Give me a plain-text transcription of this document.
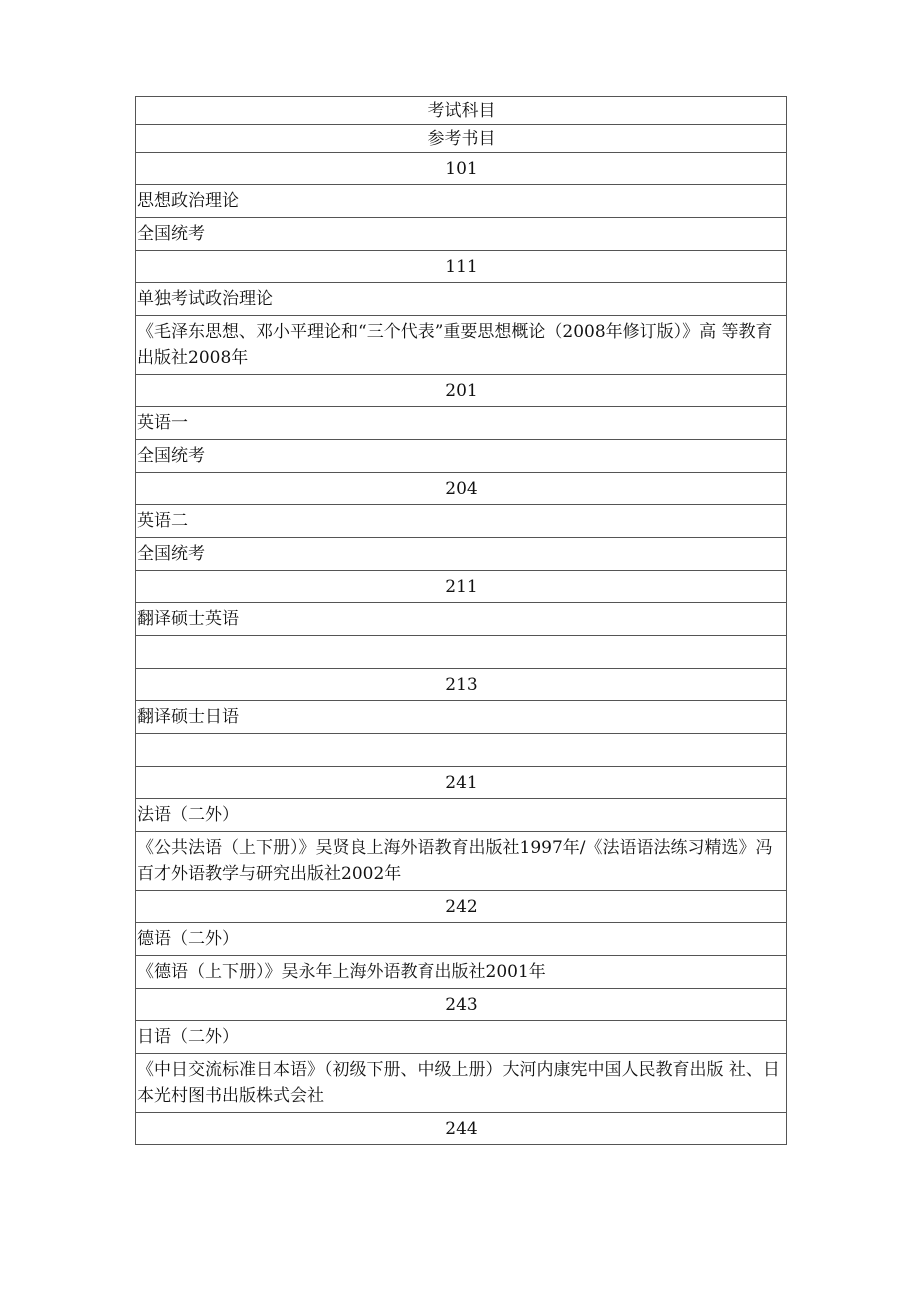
考试科目
参考书目
101
思想政治理论
全国统考
111
单独考试政治理论
《毛泽东思想、邓小平理论和“三个代表”重要思想概论（2008年修订版）》高 等教育出版社2008年
201
英语一
全国统考
204
英语二
全国统考
211
翻译硕士英语

213
翻译硕士日语

241
法语（二外）
《公共法语（上下册）》吴贤良上海外语教育出版社1997年/《法语语法练习精选》冯百才外语教学与研究出版社2002年
242
德语（二外）
《德语（上下册）》吴永年上海外语教育出版社2001年
243
日语（二外）
《中日交流标准日本语》（初级下册、中级上册）大河内康宪中国人民教育出版 社、日本光村图书出版株式会社
244
